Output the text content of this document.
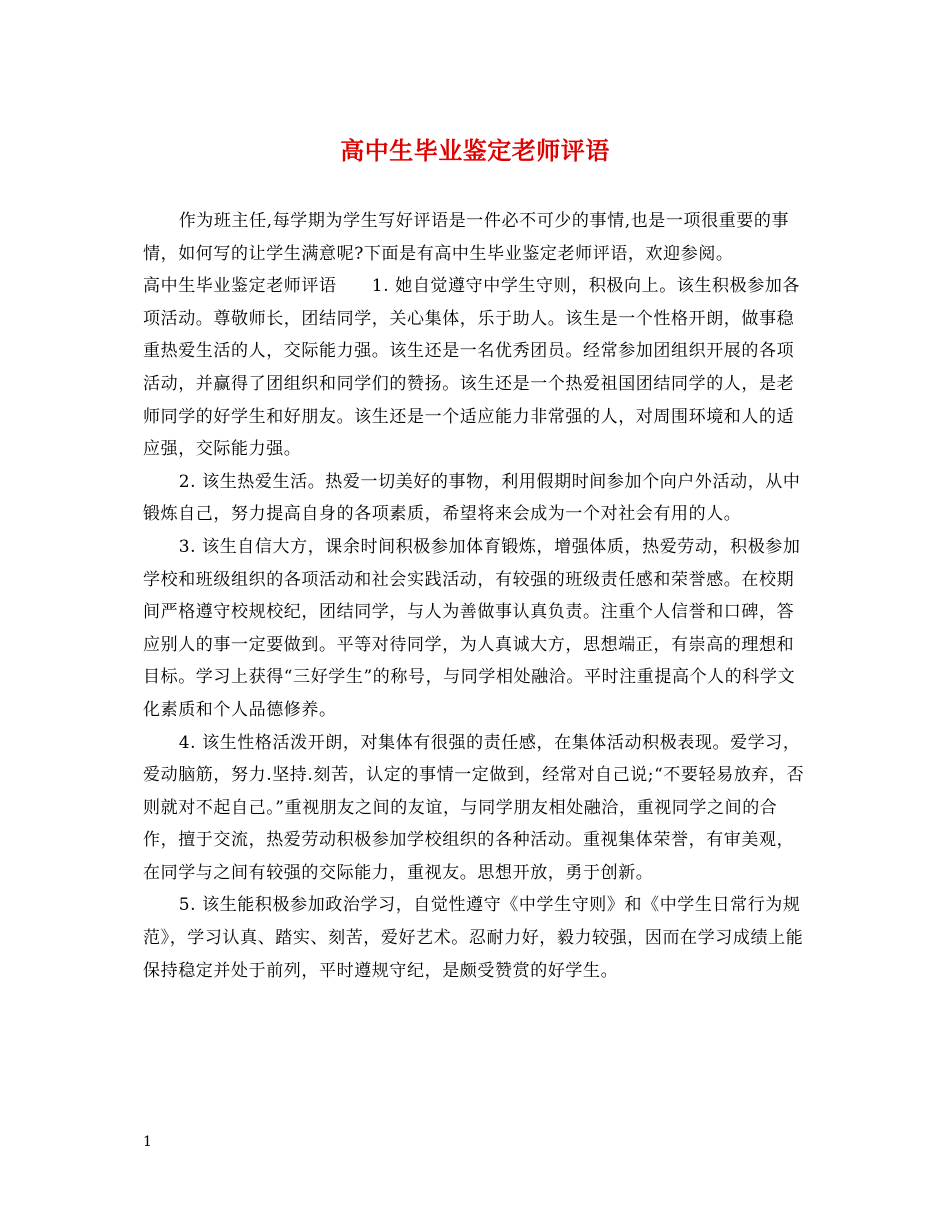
高中生毕业鉴定老师评语

作为班主任,每学期为学生写好评语是一件必不可少的事情,也是一项很重要的事情，如何写的让学生满意呢?下面是有高中生毕业鉴定老师评语，欢迎参阅。

高中生毕业鉴定老师评语　　1. 她自觉遵守中学生守则，积极向上。该生积极参加各项活动。尊敬师长，团结同学，关心集体，乐于助人。该生是一个性格开朗，做事稳重热爱生活的人，交际能力强。该生还是一名优秀团员。经常参加团组织开展的各项活动，并赢得了团组织和同学们的赞扬。该生还是一个热爱祖国团结同学的人，是老师同学的好学生和好朋友。该生还是一个适应能力非常强的人，对周围环境和人的适应强，交际能力强。

2. 该生热爱生活。热爱一切美好的事物，利用假期时间参加个向户外活动，从中锻炼自己，努力提高自身的各项素质，希望将来会成为一个对社会有用的人。

3. 该生自信大方，课余时间积极参加体育锻炼，增强体质，热爱劳动，积极参加学校和班级组织的各项活动和社会实践活动，有较强的班级责任感和荣誉感。在校期间严格遵守校规校纪，团结同学，与人为善做事认真负责。注重个人信誉和口碑，答应别人的事一定要做到。平等对待同学，为人真诚大方，思想端正，有崇高的理想和目标。学习上获得“三好学生”的称号，与同学相处融洽。平时注重提高个人的科学文化素质和个人品德修养。

4. 该生性格活泼开朗，对集体有很强的责任感，在集体活动积极表现。爱学习，爱动脑筋，努力.坚持.刻苦，认定的事情一定做到，经常对自己说;“不要轻易放弃，否则就对不起自己。”重视朋友之间的友谊，与同学朋友相处融洽，重视同学之间的合作，擅于交流，热爱劳动积极参加学校组织的各种活动。重视集体荣誉，有审美观，在同学与之间有较强的交际能力，重视友。思想开放，勇于创新。

5. 该生能积极参加政治学习，自觉性遵守《中学生守则》和《中学生日常行为规范》，学习认真、踏实、刻苦，爱好艺术。忍耐力好，毅力较强，因而在学习成绩上能保持稳定并处于前列，平时遵规守纪，是颇受赞赏的好学生。

1
